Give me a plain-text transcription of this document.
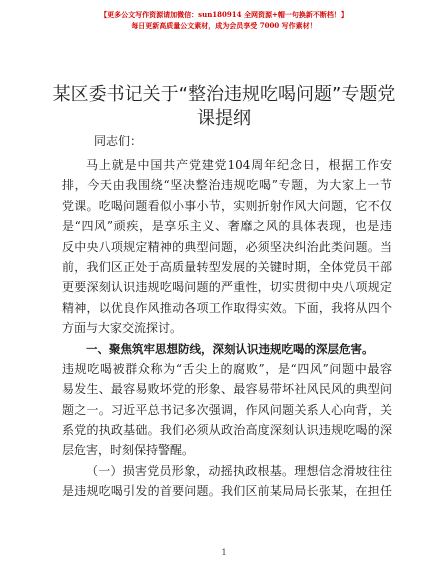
【更多公文写作资源请加微信：sun180914 全网资源+帽一句换新不断档！】
每日更新高质量公文素材，成为会员享受 7000 写作素材！
某区委书记关于“整治违规吃喝问题”专题党
课提纲
同志们：
马上就是中国共产党建党104周年纪念日，根据工作安
排，今天由我围绕“坚决整治违规吃喝”专题，为大家上一节
党课。吃喝问题看似小事小节，实则折射作风大问题，它不仅
是“四风”顽疾，是享乐主义、奢靡之风的具体表现，也是违
反中央八项规定精神的典型问题，必须坚决纠治此类问题。当
前，我们区正处于高质量转型发展的关键时期，全体党员干部
更要深刻认识违规吃喝问题的严重性，切实贯彻中央八项规定
精神，以优良作风推动各项工作取得实效。下面，我将从四个
方面与大家交流探讨。
一、聚焦筑牢思想防线，深刻认识违规吃喝的深层危害。
违规吃喝被群众称为“舌尖上的腐败”，是“四风”问题中最容
易发生、最容易败坏党的形象、最容易带坏社风民风的典型问
题之一。习近平总书记多次强调，作风问题关系人心向背，关
系党的执政基础。我们必须从政治高度深刻认识违规吃喝的深
层危害，时刻保持警醒。
（一）损害党员形象，动摇执政根基。理想信念滑坡往往
是违规吃喝引发的首要问题。我们区前某局局长张某，在担任
1
